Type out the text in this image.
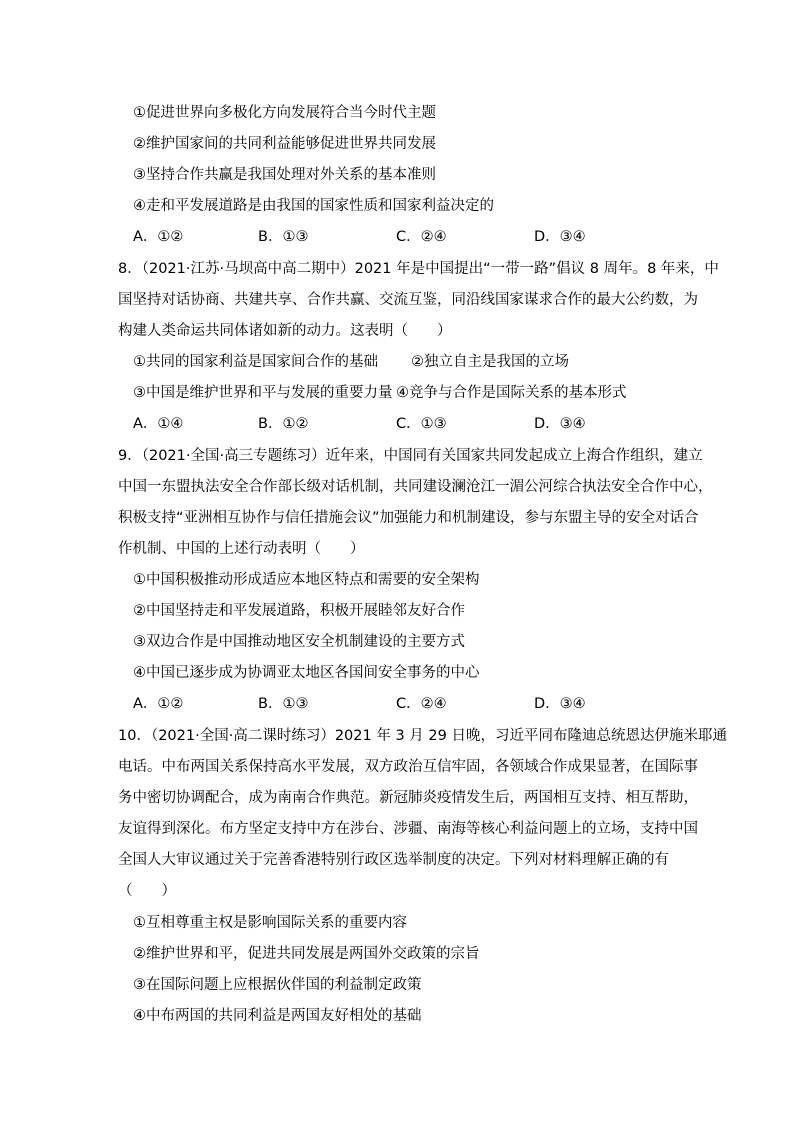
①促进世界向多极化方向发展符合当今时代主题
②维护国家间的共同利益能够促进世界共同发展
③坚持合作共赢是我国处理对外关系的基本准则
④走和平发展道路是由我国的国家性质和国家利益决定的
A．①②	B．①③	C．②④	D．③④
8．（2021·江苏·马坝高中高二期中）2021 年是中国提出“一带一路”倡议 8 周年。8 年来，中
国坚持对话协商、共建共享、合作共赢、交流互鉴，同沿线国家谋求合作的最大公约数，为
构建人类命运共同体诸如新的动力。这表明（　　）
①共同的国家利益是国家间合作的基础 ②独立自主是我国的立场
③中国是维护世界和平与发展的重要力量 ④竞争与合作是国际关系的基本形式
A．①④	B．①②	C．①③	D．③④
9．（2021·全国·高三专题练习）近年来，中国同有关国家共同发起成立上海合作组织，建立
中国一东盟执法安全合作部长级对话机制，共同建设澜沧江一湄公河综合执法安全合作中心，
积极支持“亚洲相互协作与信任措施会议”加强能力和机制建设，参与东盟主导的安全对话合
作机制、中国的上述行动表明（　　）
①中国积极推动形成适应本地区特点和需要的安全架构
②中国坚持走和平发展道路，积极开展睦邻友好合作
③双边合作是中国推动地区安全机制建设的主要方式
④中国已逐步成为协调亚太地区各国间安全事务的中心
A．①②	B．①③	C．②④	D．③④
10．（2021·全国·高二课时练习）2021 年 3 月 29 日晚，习近平同布隆迪总统恩达伊施米耶通
电话。中布两国关系保持高水平发展，双方政治互信牢固，各领域合作成果显著，在国际事
务中密切协调配合，成为南南合作典范。新冠肺炎疫情发生后，两国相互支持、相互帮助，
友谊得到深化。布方坚定支持中方在涉台、涉疆、南海等核心利益问题上的立场，支持中国
全国人大审议通过关于完善香港特别行政区选举制度的决定。下列对材料理解正确的有
（　　）
①互相尊重主权是影响国际关系的重要内容
②维护世界和平，促进共同发展是两国外交政策的宗旨
③在国际问题上应根据伙伴国的利益制定政策
④中布两国的共同利益是两国友好相处的基础
